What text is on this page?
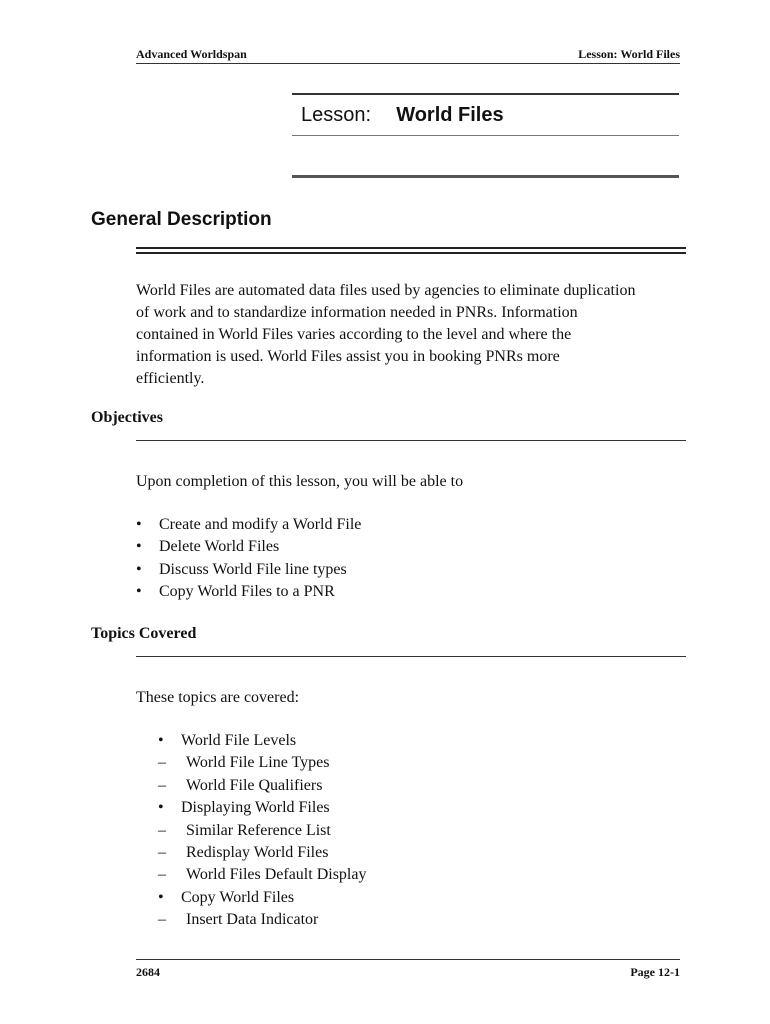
Advanced Worldspan	Lesson: World Files
Lesson: World Files
General Description
World Files are automated data files used by agencies to eliminate duplication
of work and to standardize information needed in PNRs. Information
contained in World Files varies according to the level and where the
information is used. World Files assist you in booking PNRs more
efficiently.
Objectives
Upon completion of this lesson, you will be able to
• Create and modify a World File
• Delete World Files
• Discuss World File line types
• Copy World Files to a PNR
Topics Covered
These topics are covered:
• World File Levels
– World File Line Types
– World File Qualifiers
• Displaying World Files
– Similar Reference List
– Redisplay World Files
– World Files Default Display
• Copy World Files
– Insert Data Indicator
2684	Page 12-1
